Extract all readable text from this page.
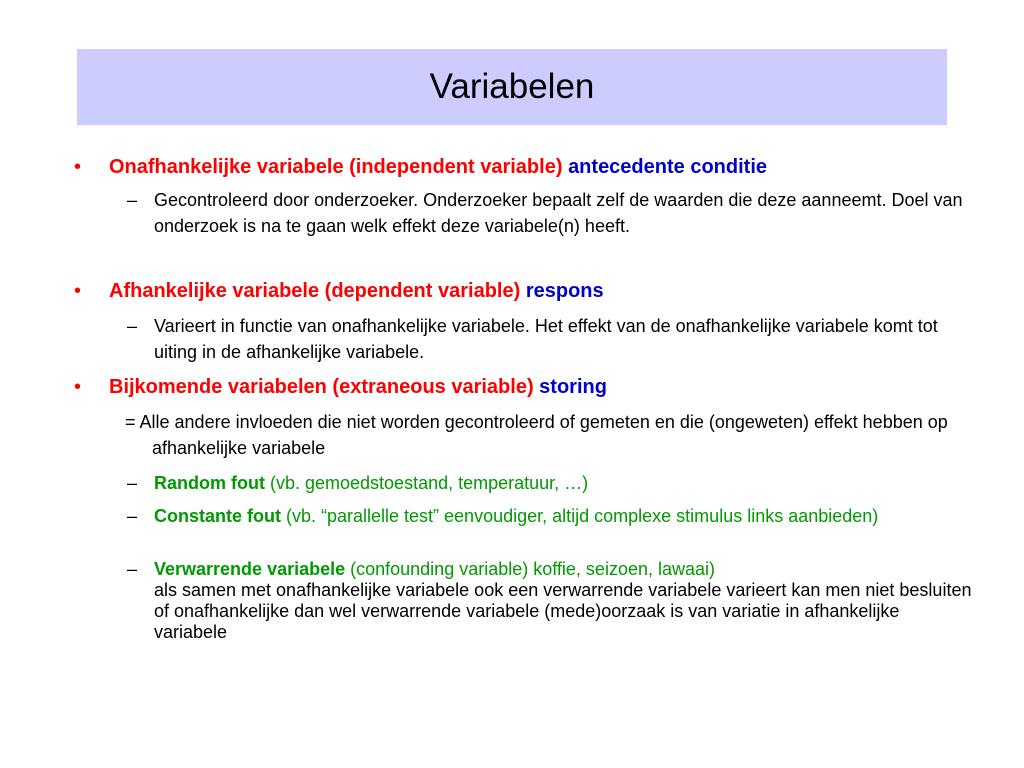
Variabelen
• Onafhankelijke variabele (independent variable) antecedente conditie
– Gecontroleerd door onderzoeker. Onderzoeker bepaalt zelf de waarden die deze aanneemt. Doel van onderzoek is na te gaan welk effekt deze variabele(n) heeft.
• Afhankelijke variabele (dependent variable) respons
– Varieert in functie van onafhankelijke variabele. Het effekt van de onafhankelijke variabele komt tot uiting in de afhankelijke variabele.
• Bijkomende variabelen (extraneous variable) storing
= Alle andere invloeden die niet worden gecontroleerd of gemeten en die (ongeweten) effekt hebben op afhankelijke variabele
– Random fout (vb. gemoedstoestand, temperatuur, …)
– Constante fout (vb. “parallelle test” eenvoudiger, altijd complexe stimulus links aanbieden)
– Verwarrende variabele (confounding variable) koffie, seizoen, lawaai)
als samen met onafhankelijke variabele ook een verwarrende variabele varieert kan men niet besluiten of onafhankelijke dan wel verwarrende variabele (mede)oorzaak is van variatie in afhankelijke variabele
